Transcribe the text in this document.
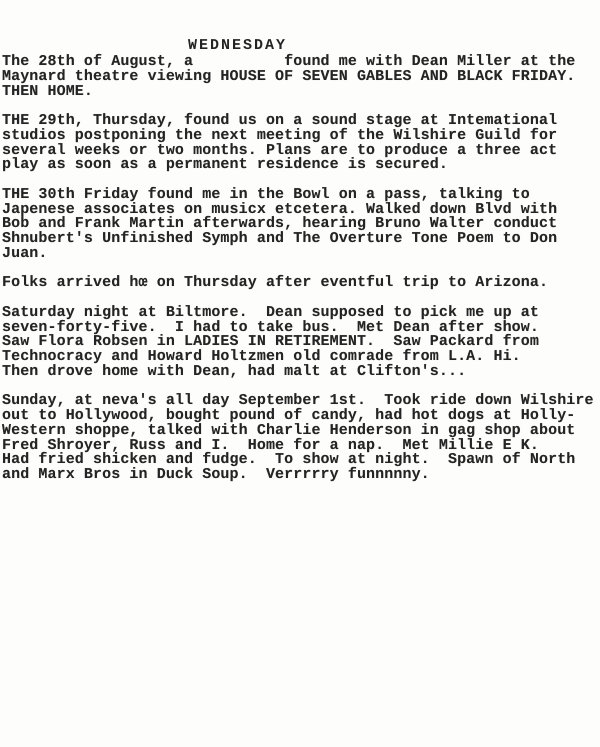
WEDNESDAY
The 28th of August, a          found me with Dean Miller at the
Maynard theatre viewing HOUSE OF SEVEN GABLES AND BLACK FRIDAY.
THEN HOME.
THE 29th, Thursday, found us on a sound stage at Intemational
studios postponing the next meeting of the Wilshire Guild for
several weeks or two months. Plans are to produce a three act
play as soon as a permanent residence is secured.
THE 30th Friday found me in the Bowl on a pass, talking to
Japenese associates on musicx etcetera. Walked down Blvd with
Bob and Frank Martin afterwards, hearing Bruno Walter conduct
Shnubert's Unfinished Symph and The Overture Tone Poem to Don
Juan.
Folks arrived hœ on Thursday after eventful trip to Arizona.
Saturday night at Biltmore.  Dean supposed to pick me up at
seven-forty-five.  I had to take bus.  Met Dean after show.
Saw Flora Robsen in LADIES IN RETIREMENT.  Saw Packard from
Technocracy and Howard Holtzmen old comrade from L.A. Hi.
Then drove home with Dean, had malt at Clifton's...
Sunday, at neva's all day September 1st.  Took ride down Wilshire
out to Hollywood, bought pound of candy, had hot dogs at Holly-
Western shoppe, talked with Charlie Henderson in gag shop about
Fred Shroyer, Russ and I.  Home for a nap.  Met Millie E K.
Had fried shicken and fudge.  To show at night.  Spawn of North
and Marx Bros in Duck Soup.  Verrrrry funnnnny.
